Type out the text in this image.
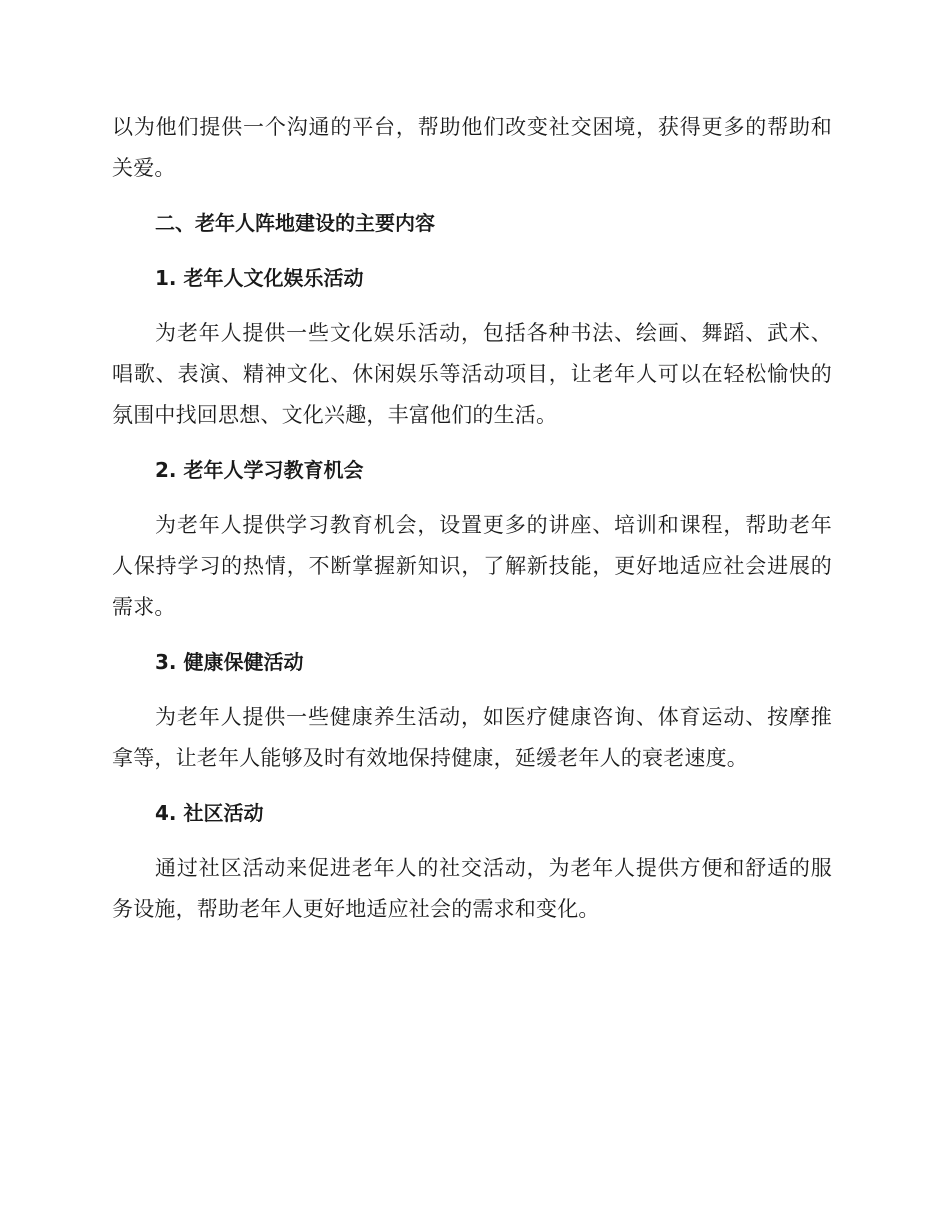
以为他们提供一个沟通的平台，帮助他们改变社交困境，获得更多的帮助和关爱。

二、老年人阵地建设的主要内容

1. 老年人文化娱乐活动

为老年人提供一些文化娱乐活动，包括各种书法、绘画、舞蹈、武术、唱歌、表演、精神文化、休闲娱乐等活动项目，让老年人可以在轻松愉快的氛围中找回思想、文化兴趣，丰富他们的生活。

2. 老年人学习教育机会

为老年人提供学习教育机会，设置更多的讲座、培训和课程，帮助老年人保持学习的热情，不断掌握新知识，了解新技能，更好地适应社会进展的需求。

3. 健康保健活动

为老年人提供一些健康养生活动，如医疗健康咨询、体育运动、按摩推拿等，让老年人能够及时有效地保持健康，延缓老年人的衰老速度。

4. 社区活动

通过社区活动来促进老年人的社交活动，为老年人提供方便和舒适的服务设施，帮助老年人更好地适应社会的需求和变化。
